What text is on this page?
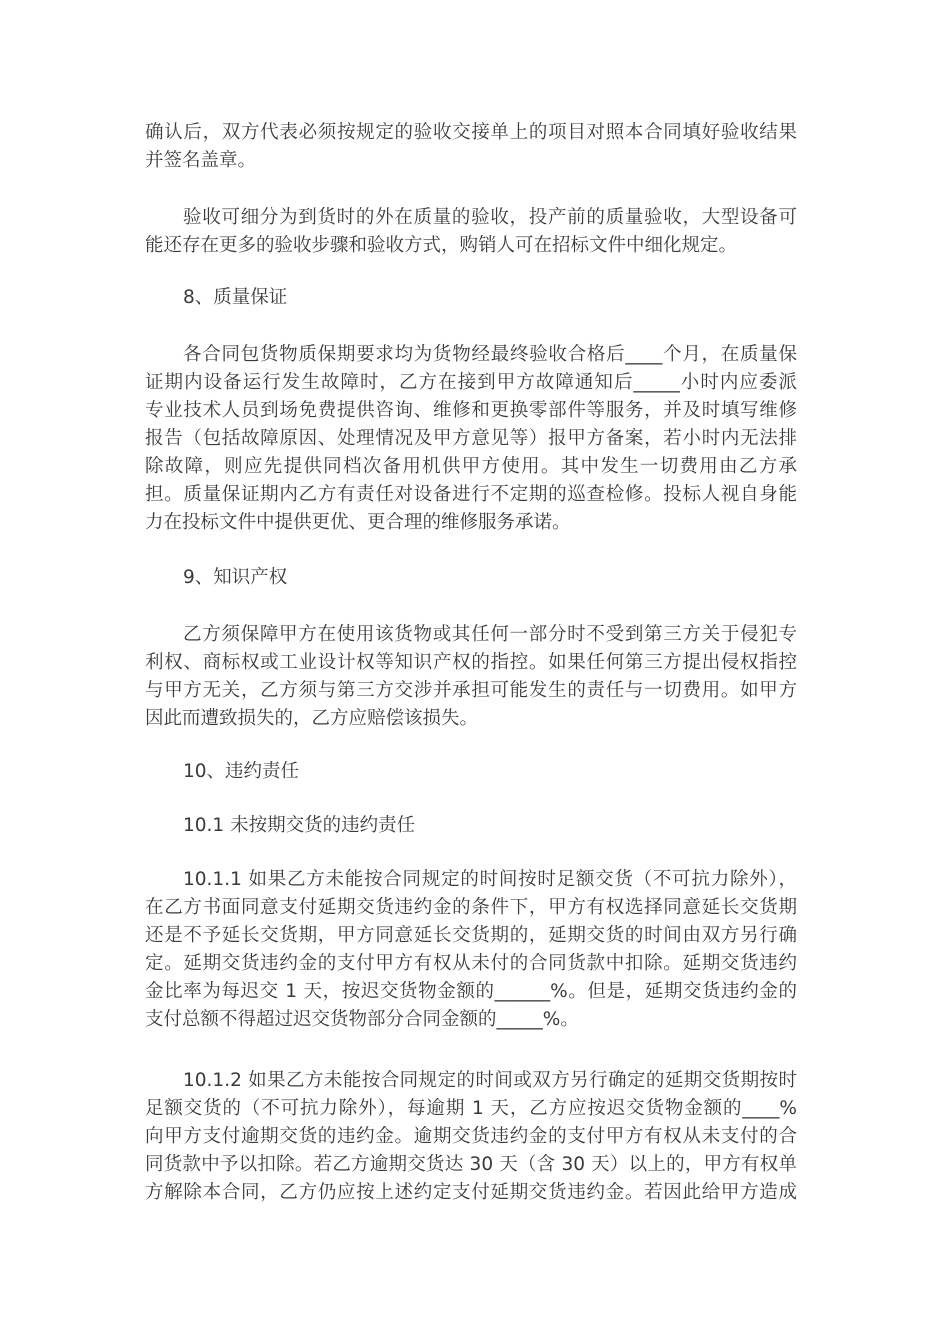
确认后，双方代表必须按规定的验收交接单上的项目对照本合同填好验收结果
并签名盖章。
验收可细分为到货时的外在质量的验收，投产前的质量验收，大型设备可
能还存在更多的验收步骤和验收方式，购销人可在招标文件中细化规定。
8、质量保证
各合同包货物质保期要求均为货物经最终验收合格后____个月，在质量保
证期内设备运行发生故障时，乙方在接到甲方故障通知后_____小时内应委派
专业技术人员到场免费提供咨询、维修和更换零部件等服务，并及时填写维修
报告（包括故障原因、处理情况及甲方意见等）报甲方备案，若小时内无法排
除故障，则应先提供同档次备用机供甲方使用。其中发生一切费用由乙方承
担。质量保证期内乙方有责任对设备进行不定期的巡查检修。投标人视自身能
力在投标文件中提供更优、更合理的维修服务承诺。
9、知识产权
乙方须保障甲方在使用该货物或其任何一部分时不受到第三方关于侵犯专
利权、商标权或工业设计权等知识产权的指控。如果任何第三方提出侵权指控
与甲方无关，乙方须与第三方交涉并承担可能发生的责任与一切费用。如甲方
因此而遭致损失的，乙方应赔偿该损失。
10、违约责任
10.1 未按期交货的违约责任
10.1.1 如果乙方未能按合同规定的时间按时足额交货（不可抗力除外），
在乙方书面同意支付延期交货违约金的条件下，甲方有权选择同意延长交货期
还是不予延长交货期，甲方同意延长交货期的，延期交货的时间由双方另行确
定。延期交货违约金的支付甲方有权从未付的合同货款中扣除。延期交货违约
金比率为每迟交 1 天，按迟交货物金额的______%。但是，延期交货违约金的
支付总额不得超过迟交货物部分合同金额的_____%。
10.1.2 如果乙方未能按合同规定的时间或双方另行确定的延期交货期按时
足额交货的（不可抗力除外），每逾期 1 天，乙方应按迟交货物金额的____%
向甲方支付逾期交货的违约金。逾期交货违约金的支付甲方有权从未支付的合
同货款中予以扣除。若乙方逾期交货达 30 天（含 30 天）以上的，甲方有权单
方解除本合同，乙方仍应按上述约定支付延期交货违约金。若因此给甲方造成
